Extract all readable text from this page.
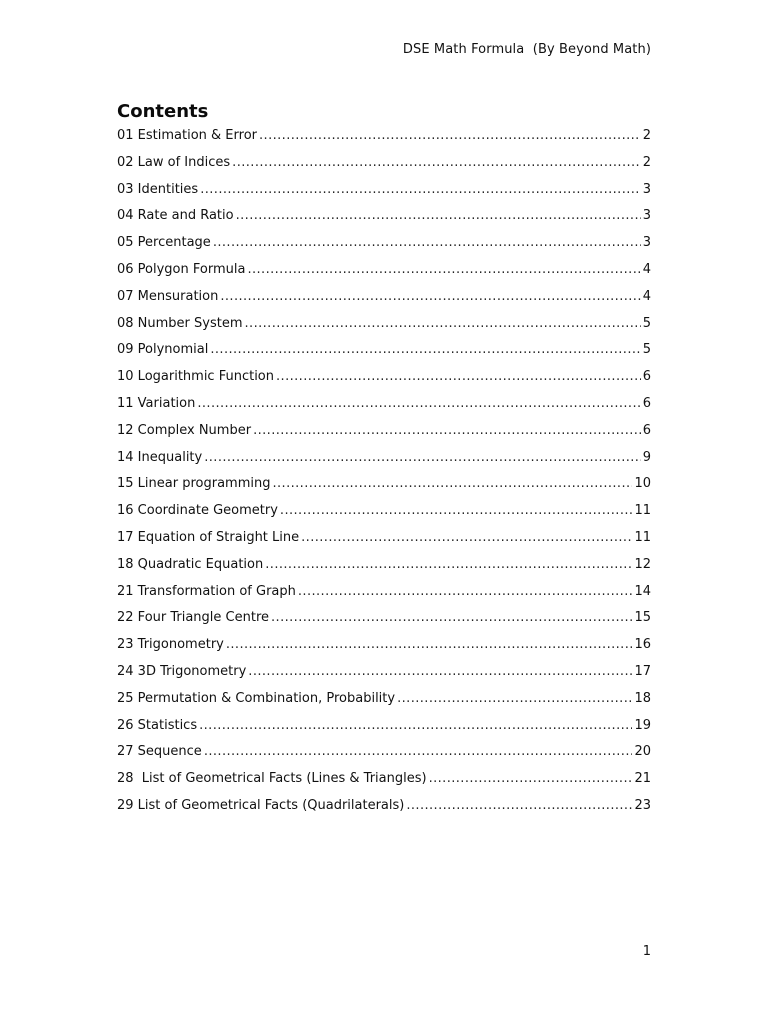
DSE Math Formula  (By Beyond Math)
Contents
01 Estimation & Error .....	2
02 Law of Indices .....	2
03 Identities .....	3
04 Rate and Ratio .....	3
05 Percentage .....	3
06 Polygon Formula .....	4
07 Mensuration .....	4
08 Number System .....	5
09 Polynomial .....	5
10 Logarithmic Function .....	6
11 Variation .....	6
12 Complex Number .....	6
14 Inequality .....	9
15 Linear programming .....	10
16 Coordinate Geometry .....	11
17 Equation of Straight Line .....	11
18 Quadratic Equation .....	12
21 Transformation of Graph .....	14
22 Four Triangle Centre .....	15
23 Trigonometry .....	16
24 3D Trigonometry .....	17
25 Permutation & Combination, Probability .....	18
26 Statistics .....	19
27 Sequence .....	20
28  List of Geometrical Facts (Lines & Triangles) .....	21
29 List of Geometrical Facts (Quadrilaterals) .....	23
1
